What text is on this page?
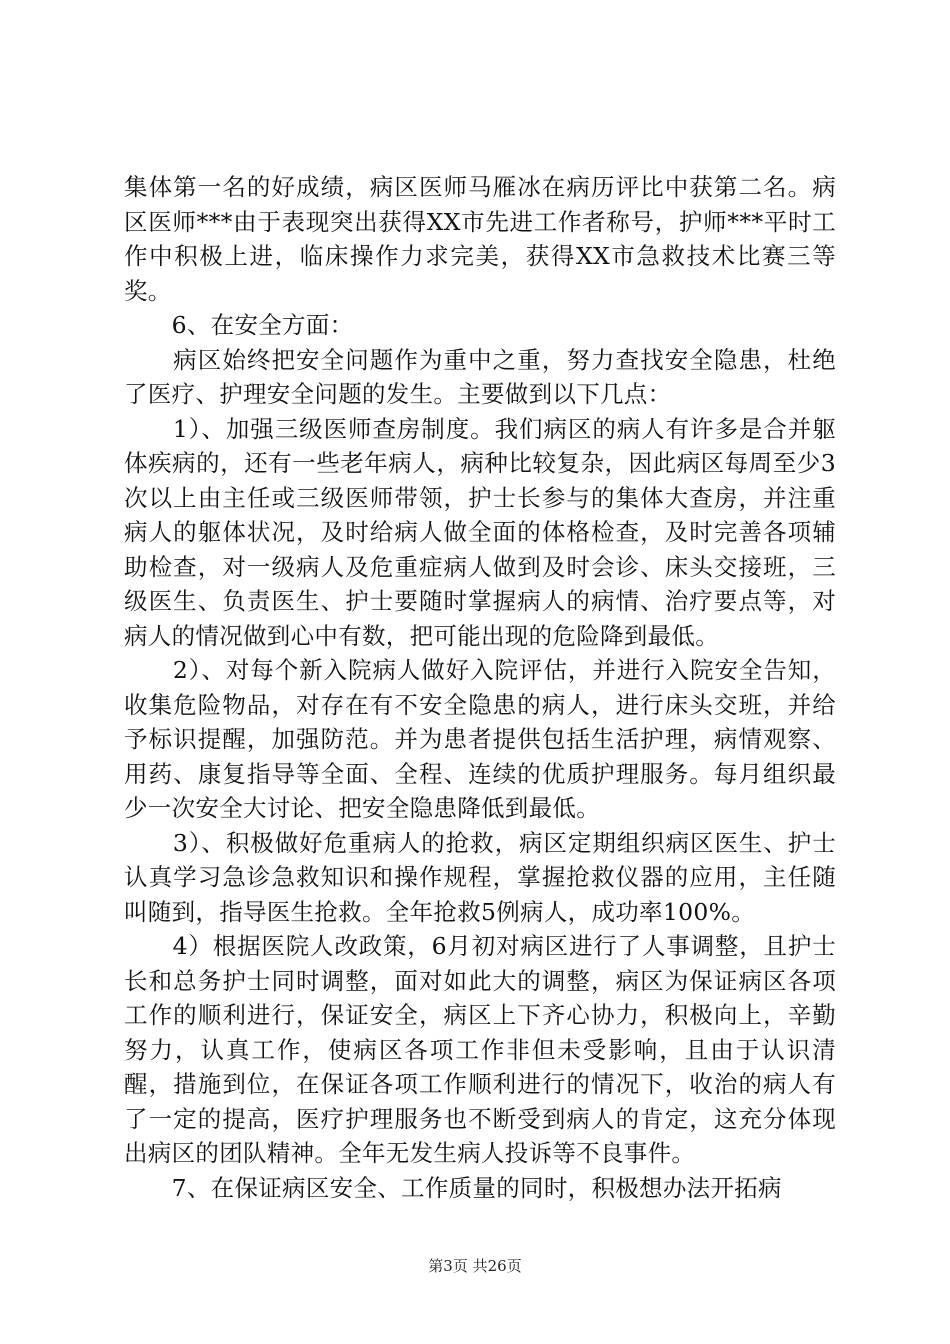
集体第一名的好成绩，病区医师马雁冰在病历评比中获第二名。病区医师***由于表现突出获得XX市先进工作者称号，护师***平时工作中积极上进，临床操作力求完美，获得XX市急救技术比赛三等奖。

　　6、在安全方面：

　　病区始终把安全问题作为重中之重，努力查找安全隐患，杜绝了医疗、护理安全问题的发生。主要做到以下几点：

　　1）、加强三级医师查房制度。我们病区的病人有许多是合并躯体疾病的，还有一些老年病人，病种比较复杂，因此病区每周至少3次以上由主任或三级医师带领，护士长参与的集体大查房，并注重病人的躯体状况，及时给病人做全面的体格检查，及时完善各项辅助检查，对一级病人及危重症病人做到及时会诊、床头交接班，三级医生、负责医生、护士要随时掌握病人的病情、治疗要点等，对病人的情况做到心中有数，把可能出现的危险降到最低。

　　2）、对每个新入院病人做好入院评估，并进行入院安全告知，收集危险物品，对存在有不安全隐患的病人，进行床头交班，并给予标识提醒，加强防范。并为患者提供包括生活护理，病情观察、用药、康复指导等全面、全程、连续的优质护理服务。每月组织最少一次安全大讨论、把安全隐患降低到最低。

　　3）、积极做好危重病人的抢救，病区定期组织病区医生、护士认真学习急诊急救知识和操作规程，掌握抢救仪器的应用，主任随叫随到，指导医生抢救。全年抢救5例病人，成功率100%。

　　4）根据医院人改政策，6月初对病区进行了人事调整，且护士长和总务护士同时调整，面对如此大的调整，病区为保证病区各项工作的顺利进行，保证安全，病区上下齐心协力，积极向上，辛勤努力，认真工作，使病区各项工作非但未受影响，且由于认识清醒，措施到位，在保证各项工作顺利进行的情况下，收治的病人有了一定的提高，医疗护理服务也不断受到病人的肯定，这充分体现出病区的团队精神。全年无发生病人投诉等不良事件。

　　7、在保证病区安全、工作质量的同时，积极想办法开拓病

第3页 共26页
